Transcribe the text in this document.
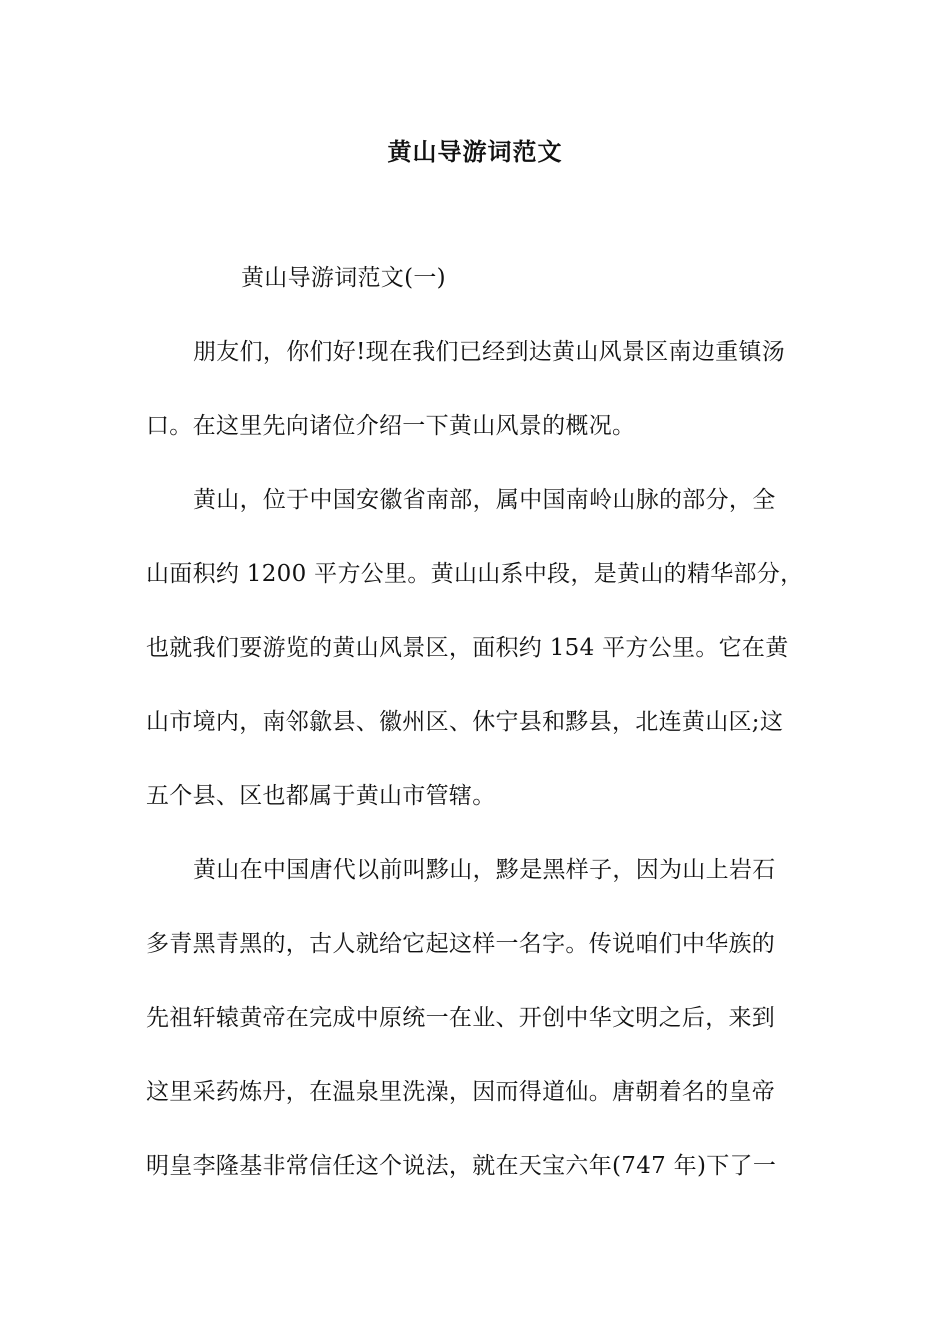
黄山导游词范文
黄山导游词范文(一)
朋友们，你们好!现在我们已经到达黄山风景区南边重镇汤
口。在这里先向诸位介绍一下黄山风景的概况。
黄山，位于中国安徽省南部，属中国南岭山脉的部分，全
山面积约 1200 平方公里。黄山山系中段，是黄山的精华部分，
也就我们要游览的黄山风景区，面积约 154 平方公里。它在黄
山市境内，南邻歙县、徽州区、休宁县和黟县，北连黄山区;这
五个县、区也都属于黄山市管辖。
黄山在中国唐代以前叫黟山，黟是黑样子，因为山上岩石
多青黑青黑的，古人就给它起这样一名字。传说咱们中华族的
先祖轩辕黄帝在完成中原统一在业、开创中华文明之后，来到
这里采药炼丹，在温泉里洗澡，因而得道仙。唐朝着名的皇帝
明皇李隆基非常信任这个说法，就在天宝六年(747 年)下了一
